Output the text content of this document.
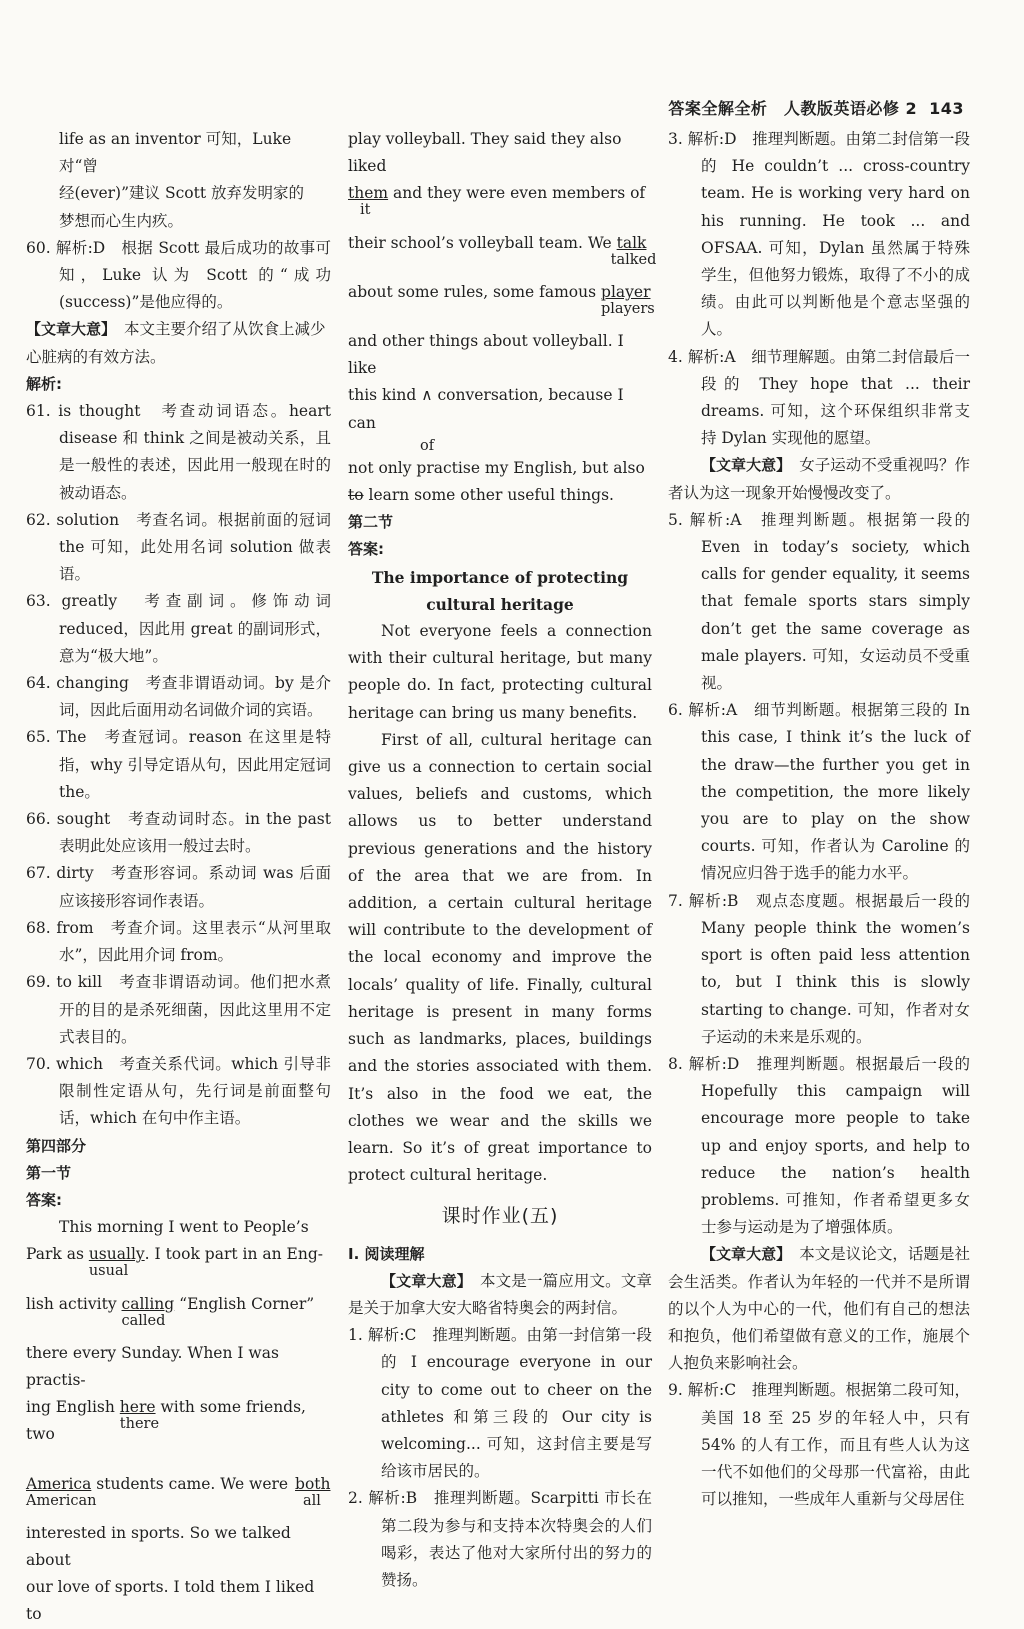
答案全解全析　人教版英语必修 2 143

life as an inventor 可知，Luke 对“曾

经(ever)”建议 Scott 放弃发明家的

梦想而心生内疚。

60. 解析:D　根据 Scott 最后成功的故事可知，Luke 认为 Scott 的“成功(success)”是他应得的。

【文章大意】　本文主要介绍了从饮食上减少心脏病的有效方法。

解析:

61. is thought　考查动词语态。heart disease 和 think 之间是被动关系，且是一般性的表述，因此用一般现在时的被动语态。

62. solution　考查名词。根据前面的冠词 the 可知，此处用名词 solution 做表语。

63. greatly　考查副词。修饰动词 reduced，因此用 great 的副词形式，意为“极大地”。

64. changing　考查非谓语动词。by 是介词，因此后面用动名词做介词的宾语。

65. The　考查冠词。reason 在这里是特指，why 引导定语从句，因此用定冠词 the。

66. sought　考查动词时态。in the past 表明此处应该用一般过去时。

67. dirty　考查形容词。系动词 was 后面应该接形容词作表语。

68. from　考查介词。这里表示“从河里取水”，因此用介词 from。

69. to kill　考查非谓语动词。他们把水煮开的目的是杀死细菌，因此这里用不定式表目的。

70. which　考查关系代词。which 引导非限制性定语从句，先行词是前面整句话，which 在句中作主语。

第四部分

第一节

答案:

This morning I went to People’s

Park as usually
usual
. I took part in an Eng-

lish activity calling
called
“English Corner”

there every Sunday. When I was practis-

ing English here
there
with some friends, two

America
American
students came. We were both
all

interested in sports. So we talked about

our love of sports. I told them I liked to

play volleyball. They said they also liked

them
it
and they were even members of

their school’s volleyball team. We talk
talked

about some rules, some famous player
players

and other things about volleyball. I like

this kind ∧ conversation, because I can

of

not only practise my English, but also

to learn some other useful things.

第二节

答案:

The importance of protecting

cultural heritage

Not everyone feels a connection with their cultural heritage, but many people do. In fact, protecting cultural heritage can bring us many benefits.

First of all, cultural heritage can give us a connection to certain social values, beliefs and customs, which allows us to better understand previous generations and the history of the area that we are from. In addition, a certain cultural heritage will contribute to the development of the local economy and improve the locals’ quality of life. Finally, cultural heritage is present in many forms such as landmarks, places, buildings and the stories associated with them. It’s also in the food we eat, the clothes we wear and the skills we learn. So it’s of great importance to protect cultural heritage.

课时作业(五)

Ⅰ. 阅读理解

【文章大意】　本文是一篇应用文。文章是关于加拿大安大略省特奥会的两封信。

1. 解析:C　推理判断题。由第一封信第一段的 I encourage everyone in our city to come out to cheer on the athletes 和第三段的 Our city is welcoming... 可知，这封信主要是写给该市居民的。

2. 解析:B　推理判断题。Scarpitti 市长在第二段为参与和支持本次特奥会的人们喝彩，表达了他对大家所付出的努力的赞扬。

3. 解析:D　推理判断题。由第二封信第一段的 He couldn’t ... cross-country team. He is working very hard on his running. He took ... and OFSAA. 可知，Dylan 虽然属于特殊学生，但他努力锻炼，取得了不小的成绩。由此可以判断他是个意志坚强的人。

4. 解析:A　细节理解题。由第二封信最后一段的 They hope that ... their dreams. 可知，这个环保组织非常支持 Dylan 实现他的愿望。

【文章大意】　女子运动不受重视吗？作者认为这一现象开始慢慢改变了。

5. 解析:A　推理判断题。根据第一段的 Even in today’s society, which calls for gender equality, it seems that female sports stars simply don’t get the same coverage as male players. 可知，女运动员不受重视。

6. 解析:A　细节判断题。根据第三段的 In this case, I think it’s the luck of the draw—the further you get in the competition, the more likely you are to play on the show courts. 可知，作者认为 Caroline 的情况应归咎于选手的能力水平。

7. 解析:B　观点态度题。根据最后一段的 Many people think the women’s sport is often paid less attention to, but I think this is slowly starting to change. 可知，作者对女子运动的未来是乐观的。

8. 解析:D　推理判断题。根据最后一段的 Hopefully this campaign will encourage more people to take up and enjoy sports, and help to reduce the nation’s health problems. 可推知，作者希望更多女士参与运动是为了增强体质。

【文章大意】　本文是议论文，话题是社会生活类。作者认为年轻的一代并不是所谓的以个人为中心的一代，他们有自己的想法和抱负，他们希望做有意义的工作，施展个人抱负来影响社会。

9. 解析:C　推理判断题。根据第二段可知，美国 18 至 25 岁的年轻人中，只有 54% 的人有工作，而且有些人认为这一代不如他们的父母那一代富裕，由此可以推知，一些成年人重新与父母居住
